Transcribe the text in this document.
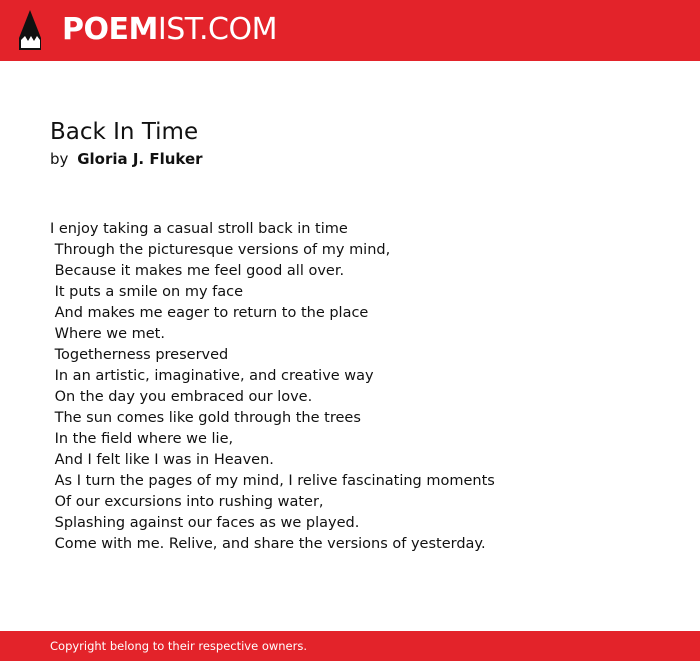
POEMIST.COM
Back In Time
by Gloria J. Fluker
I enjoy taking a casual stroll back in time
Through the picturesque versions of my mind,
Because it makes me feel good all over.
It puts a smile on my face
And makes me eager to return to the place
Where we met.
Togetherness preserved
In an artistic, imaginative, and creative way
On the day you embraced our love.
The sun comes like gold through the trees
In the field where we lie,
And I felt like I was in Heaven.
As I turn the pages of my mind, I relive fascinating moments
Of our excursions into rushing water,
Splashing against our faces as we played.
Come with me. Relive, and share the versions of yesterday.
Copyright belong to their respective owners.
